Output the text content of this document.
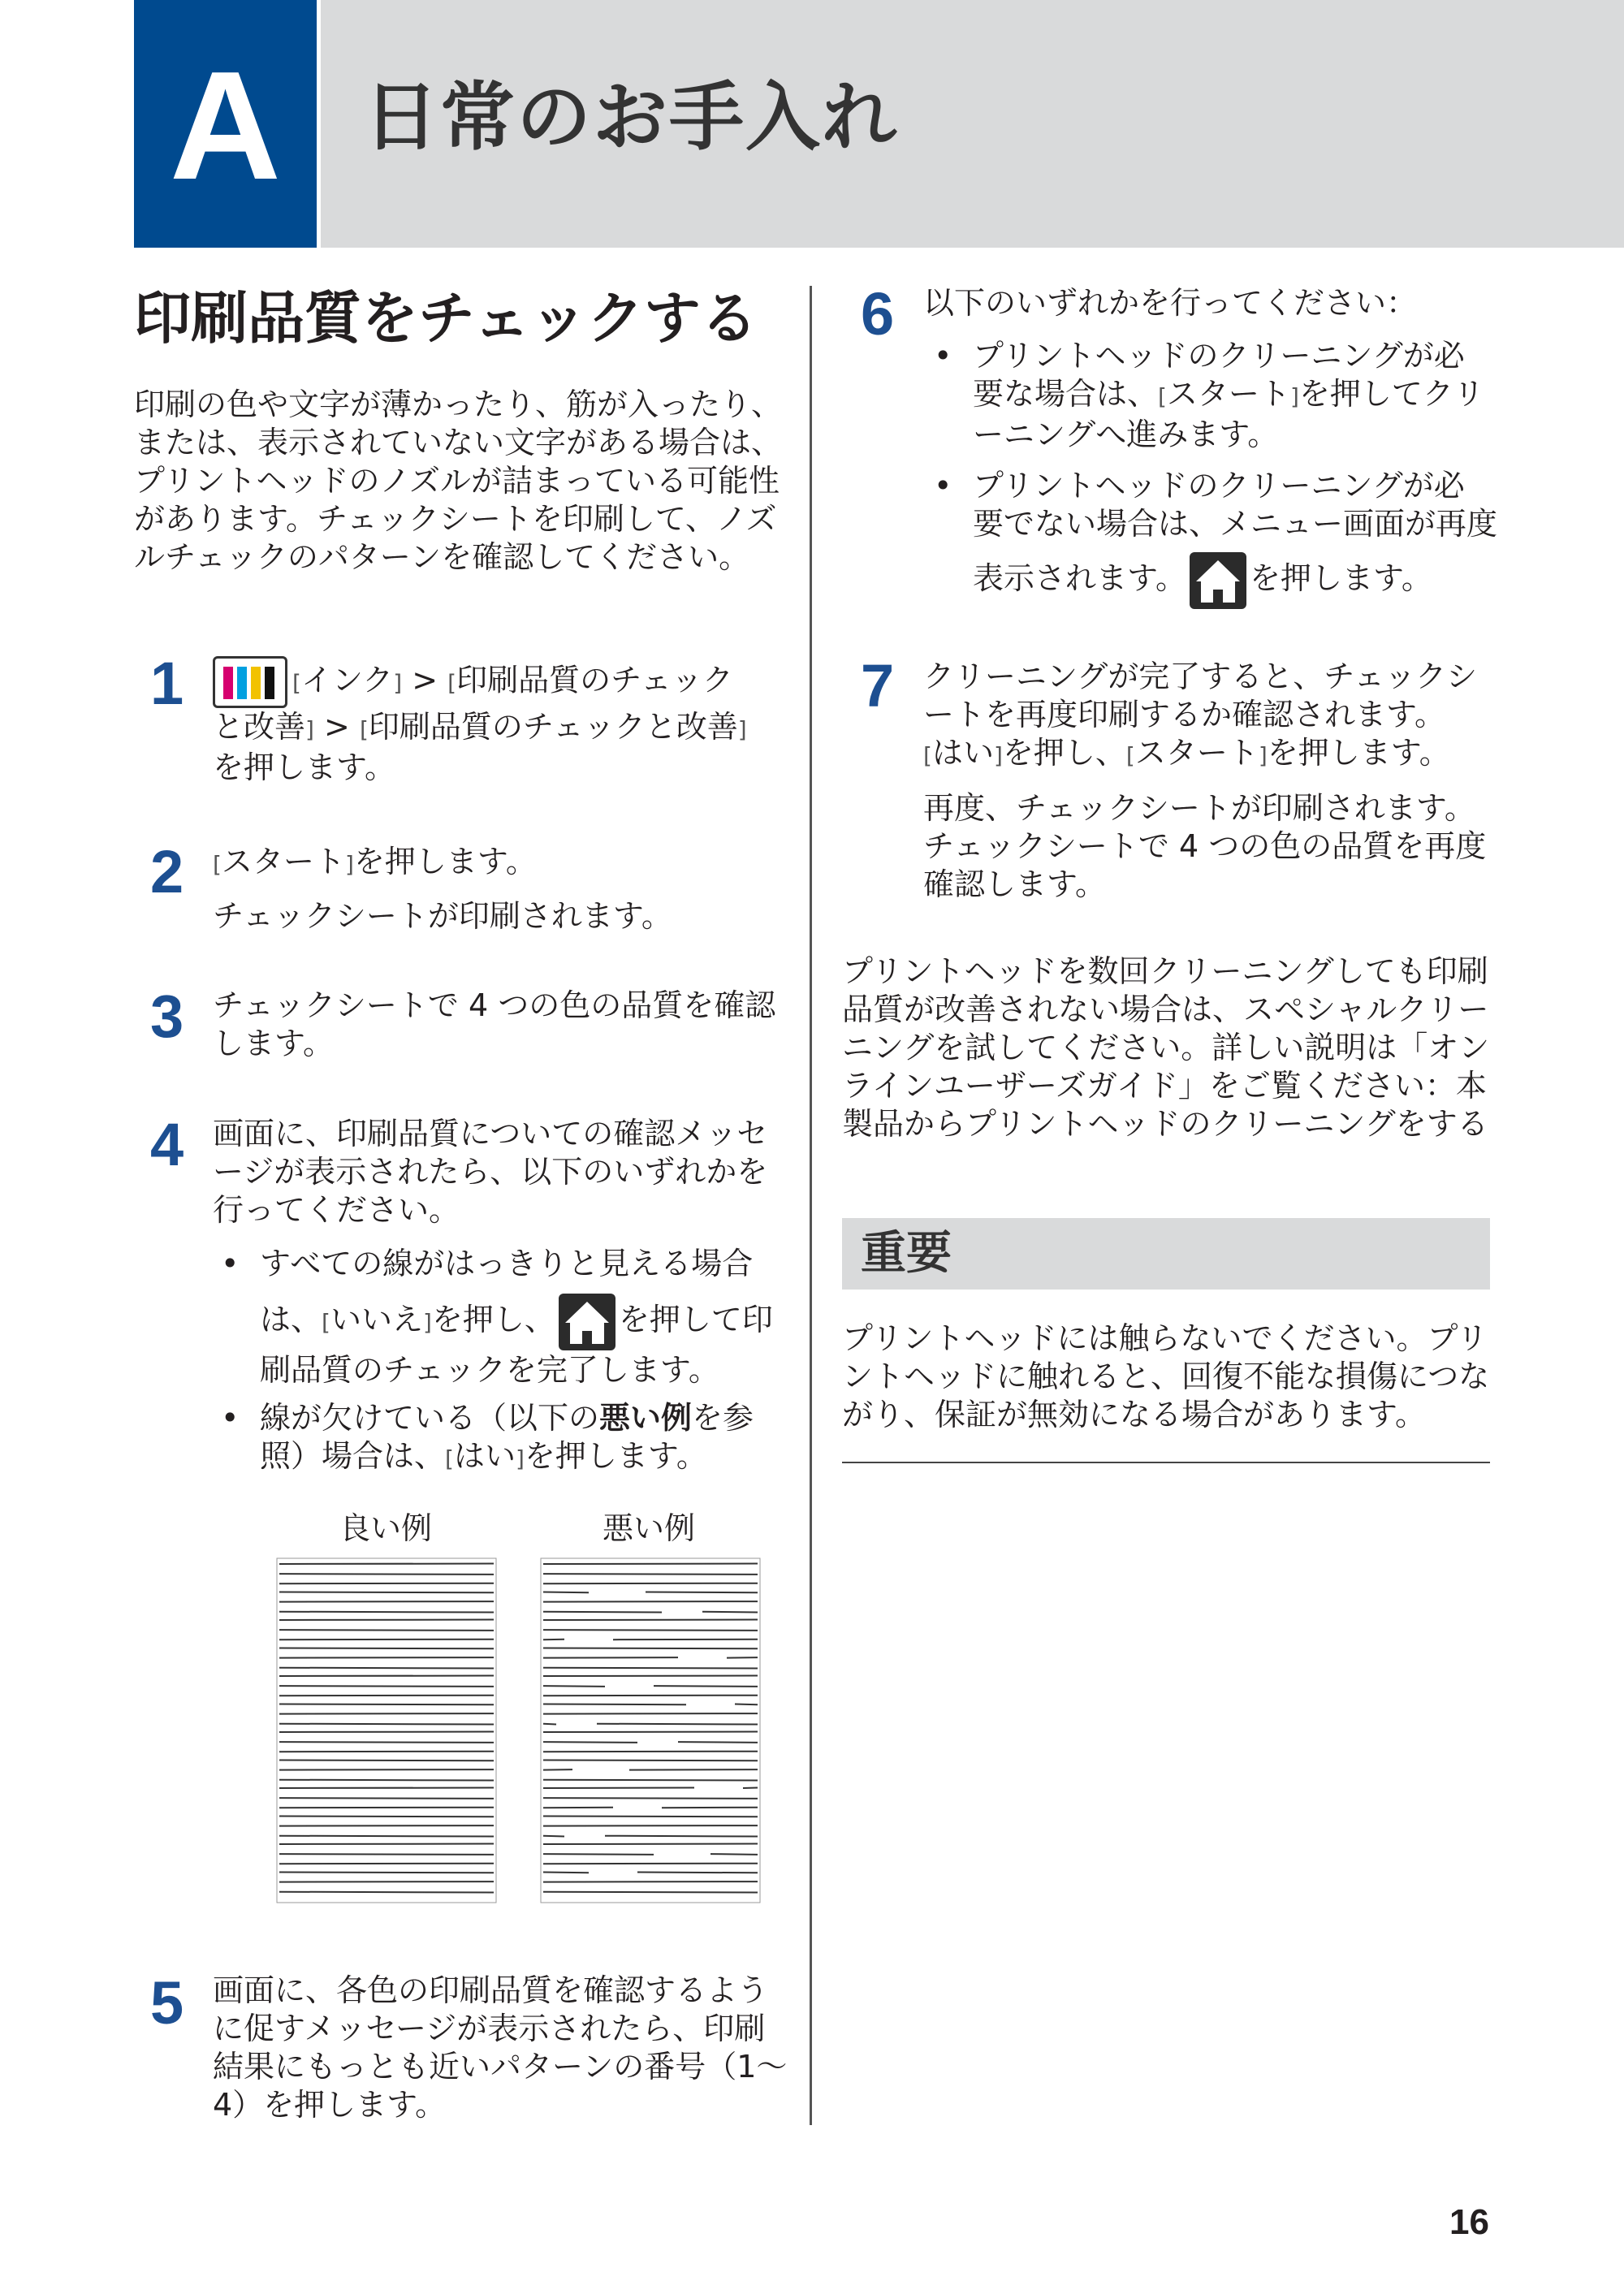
A	日常のお手入れ
印刷品質をチェックする
印刷の色や文字が薄かったり、筋が入ったり、または、表示されていない文字がある場合は、プリントヘッドのノズルが詰まっている可能性があります。チェックシートを印刷して、ノズルチェックのパターンを確認してください。
1	[インク] > [印刷品質のチェック
と改善] > [印刷品質のチェックと改善]
を押します。
2 [スタート]を押します。
チェックシートが印刷されます。
3 チェックシートで 4 つの色の品質を確認します。
4 画面に、印刷品質についての確認メッセージが表示されたら、以下のいずれかを行ってください。
• すべての線がはっきりと見える場合
は、[いいえ]を押し、 を押して印
刷品質のチェックを完了します。
• 線が欠けている（以下の悪い例を参
照）場合は、[はい]を押します。
良い例	悪い例
5 画面に、各色の印刷品質を確認するように促すメッセージが表示されたら、印刷結果にもっとも近いパターンの番号（1～4）を押します。
6 以下のいずれかを行ってください：
• プリントヘッドのクリーニングが必
要な場合は、[スタート]を押してクリ
ーニングへ進みます。
• プリントヘッドのクリーニングが必
要でない場合は、メニュー画面が再度
表示されます。 を押します。
7 クリーニングが完了すると、チェックシ
ートを再度印刷するか確認されます。
[はい]を押し、[スタート]を押します。
再度、チェックシートが印刷されます。チェックシートで 4 つの色の品質を再度確認します。
プリントヘッドを数回クリーニングしても印刷品質が改善されない場合は、スペシャルクリーニングを試してください。詳しい説明は「オンラインユーザーズガイド」をご覧ください：本製品からプリントヘッドのクリーニングをする
重要
プリントヘッドには触らないでください。プリントヘッドに触れると、回復不能な損傷につながり、保証が無効になる場合があります。
16
